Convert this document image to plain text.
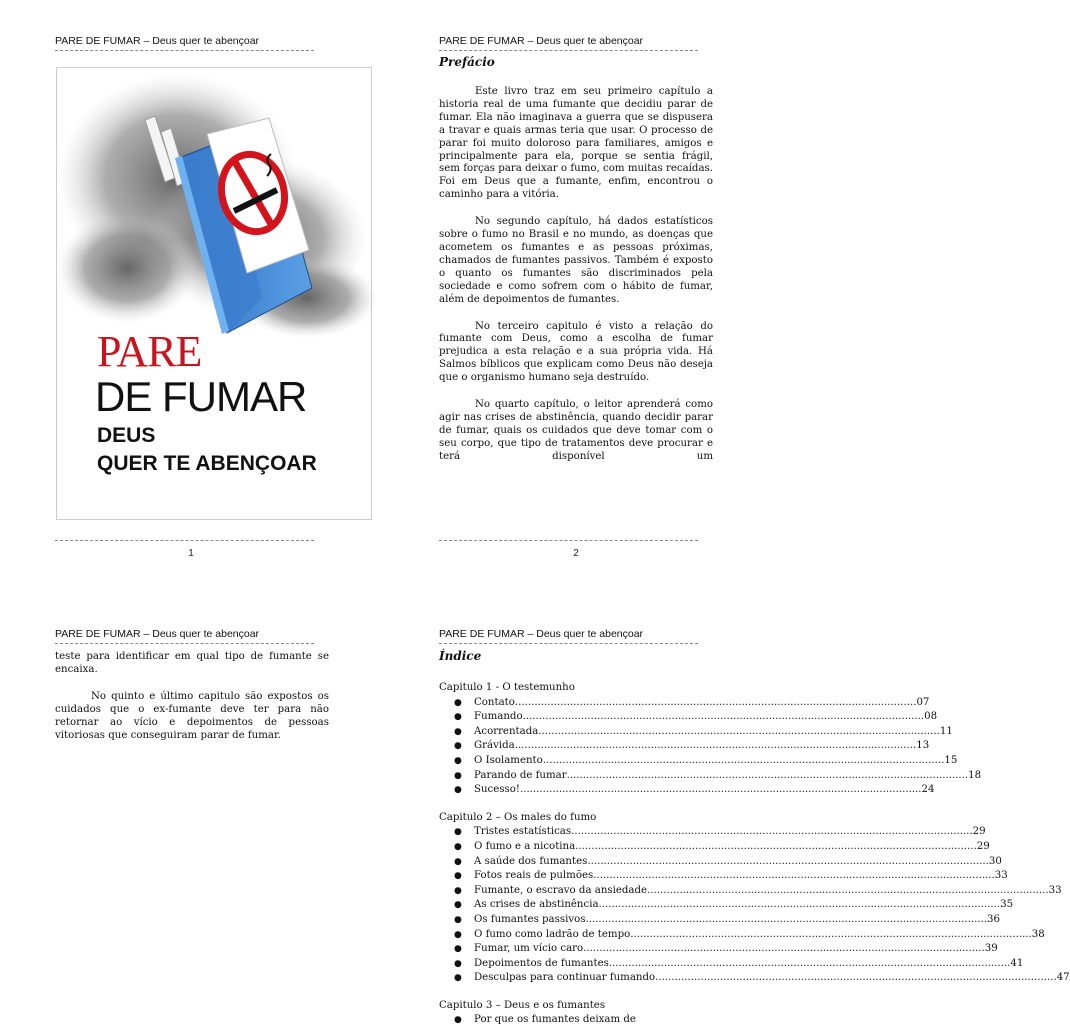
PARE DE FUMAR – Deus quer te abençoar
PARE
DE FUMAR
DEUS
QUER TE ABENÇOAR
1
PARE DE FUMAR – Deus quer te abençoar
Prefácio

Este livro traz em seu primeiro capítulo a historia real de uma fumante que decidiu parar de fumar. Ela não imaginava a guerra que se dispusera a travar e quais armas teria que usar. O processo de parar foi muito doloroso para familiares, amigos e principalmente para ela, porque se sentia frágil, sem forças para deixar o fumo, com muitas recaídas. Foi em Deus que a fumante, enfim, encontrou o caminho para a vitória.

No segundo capítulo, há dados estatísticos sobre o fumo no Brasil e no mundo, as doenças que acometem os fumantes e as pessoas próximas, chamados de fumantes passivos. Também é exposto o quanto os fumantes são discriminados pela sociedade e como sofrem com o hábito de fumar, além de depoimentos de fumantes.

No terceiro capitulo é visto a relação do fumante com Deus, como a escolha de fumar prejudica a esta relação e a sua própria vida. Há Salmos bíblicos que explicam como Deus não deseja que o organismo humano seja destruído.

No quarto capítulo, o leitor aprenderá como agir nas crises de abstinência, quando decidir parar de fumar, quais os cuidados que deve tomar com o seu corpo, que tipo de tratamentos deve procurar e terá disponível um

2
PARE DE FUMAR – Deus quer te abençoar

teste para identificar em qual tipo de fumante se encaixa.

No quinto e último capitulo são expostos os cuidados que o ex-fumante deve ter para não retornar ao vício e depoimentos de pessoas vitoriosas que conseguiram parar de fumar.

PARE DE FUMAR – Deus quer te abençoar
Índice
Capitulo 1 - O testemunho
● Contato ............................................................................................................................ 07
● Fumando ............................................................................................................................ 08
● Acorrentada ............................................................................................................................ 11
● Grávida ............................................................................................................................ 13
● O Isolamento ............................................................................................................................ 15
● Parando de fumar ............................................................................................................................ 18
● Sucesso! ............................................................................................................................ 24
Capitulo 2 – Os males do fumo
● Tristes estatísticas ............................................................................................................................ 29
● O fumo e a nicotina ............................................................................................................................ 29
● A saúde dos fumantes ............................................................................................................................ 30
● Fotos reais de pulmões ............................................................................................................................ 33
● Fumante, o escravo da ansiedade ............................................................................................................................ 33
● As crises de abstinência ............................................................................................................................ 35
● Os fumantes passivos ............................................................................................................................ 36
● O fumo como ladrão de tempo ............................................................................................................................ 38
● Fumar, um vício caro ............................................................................................................................ 39
● Depoimentos de fumantes ............................................................................................................................ 41
● Desculpas para continuar fumando ............................................................................................................................ 47
Capitulo 3 – Deus e os fumantes
● Por que os fumantes deixam de
